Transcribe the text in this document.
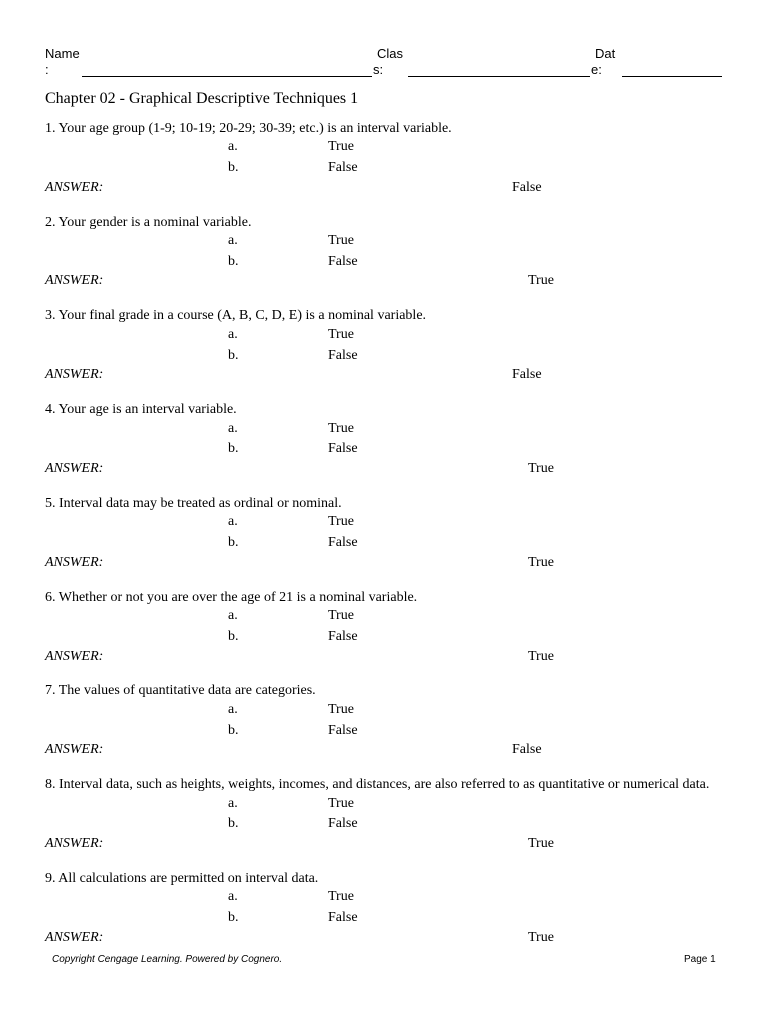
Name
:
Clas
s:
Dat
e:
Chapter 02 - Graphical Descriptive Techniques 1
1. Your age group (1-9; 10-19; 20-29; 30-39; etc.) is an interval variable.
a.	True
b.	False
ANSWER:	False
2. Your gender is a nominal variable.
a.	True
b.	False
ANSWER:	True
3. Your final grade in a course (A, B, C, D, E) is a nominal variable.
a.	True
b.	False
ANSWER:	False
4. Your age is an interval variable.
a.	True
b.	False
ANSWER:	True
5. Interval data may be treated as ordinal or nominal.
a.	True
b.	False
ANSWER:	True
6. Whether or not you are over the age of 21 is a nominal variable.
a.	True
b.	False
ANSWER:	True
7. The values of quantitative data are categories.
a.	True
b.	False
ANSWER:	False
8. Interval data, such as heights, weights, incomes, and distances, are also referred to as quantitative or numerical data.
a.	True
b.	False
ANSWER:	True
9. All calculations are permitted on interval data.
a.	True
b.	False
ANSWER:	True
Copyright Cengage Learning. Powered by Cognero.	Page 1
